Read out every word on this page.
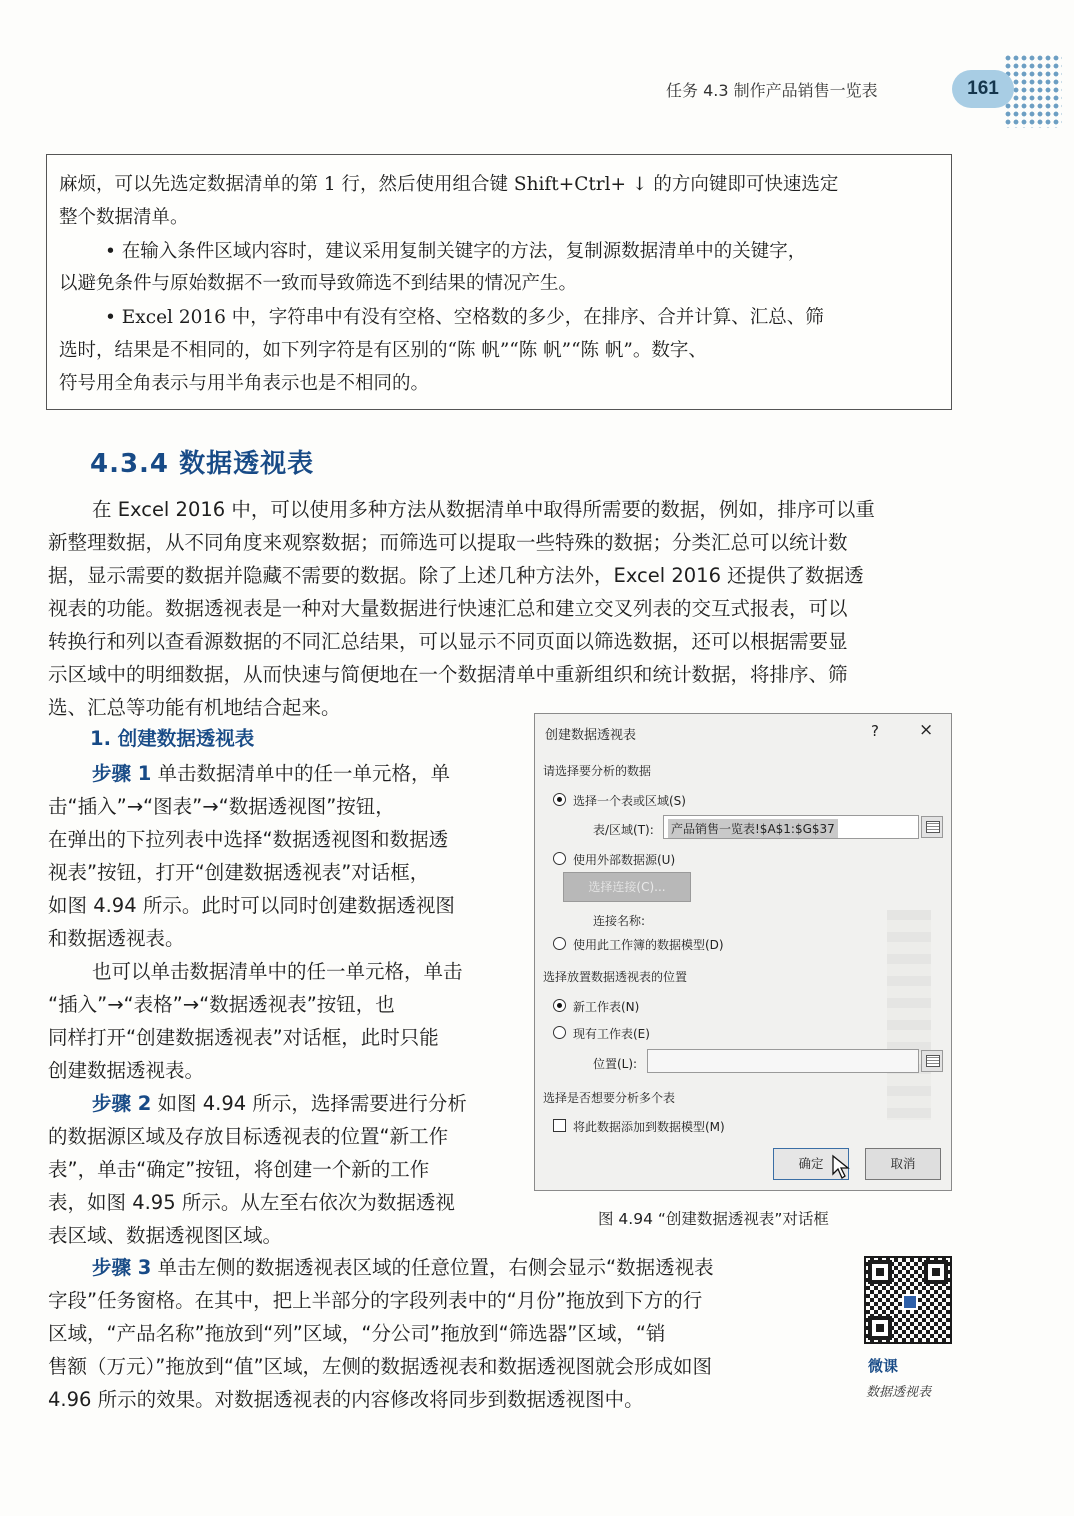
任务 4.3 制作产品销售一览表	161
麻烦，可以先选定数据清单的第 1 行，然后使用组合键 Shift+Ctrl+ ↓ 的方向键即可快速选定
整个数据清单。
• 在输入条件区域内容时，建议采用复制关键字的方法，复制源数据清单中的关键字，
以避免条件与原始数据不一致而导致筛选不到结果的情况产生。
• Excel 2016 中，字符串中有没有空格、空格数的多少，在排序、合并计算、汇总、筛
选时，结果是不相同的，如下列字符是有区别的“陈 帆”“陈 帆”“陈 帆”。数字、
符号用全角表示与用半角表示也是不相同的。
4.3.4 数据透视表
在 Excel 2016 中，可以使用多种方法从数据清单中取得所需要的数据，例如，排序可以重
新整理数据，从不同角度来观察数据；而筛选可以提取一些特殊的数据；分类汇总可以统计数
据，显示需要的数据并隐藏不需要的数据。除了上述几种方法外，Excel 2016 还提供了数据透
视表的功能。数据透视表是一种对大量数据进行快速汇总和建立交叉列表的交互式报表，可以
转换行和列以查看源数据的不同汇总结果，可以显示不同页面以筛选数据，还可以根据需要显
示区域中的明细数据，从而快速与简便地在一个数据清单中重新组织和统计数据，将排序、筛
选、汇总等功能有机地结合起来。
1. 创建数据透视表
步骤 1 单击数据清单中的任一单元格，单
击“插入”→“图表”→“数据透视图”按钮，
在弹出的下拉列表中选择“数据透视图和数据透
视表”按钮，打开“创建数据透视表”对话框，
如图 4.94 所示。此时可以同时创建数据透视图
和数据透视表。
也可以单击数据清单中的任一单元格，单击
“插入”→“表格”→“数据透视表”按钮，也
同样打开“创建数据透视表”对话框，此时只能
创建数据透视表。
步骤 2 如图 4.94 所示，选择需要进行分析
的数据源区域及存放目标透视表的位置“新工作
表”，单击“确定”按钮，将创建一个新的工作
表，如图 4.95 所示。从左至右依次为数据透视
表区域、数据透视图区域。
创建数据透视表	? ×
请选择要分析的数据
选择一个表或区域(S)
表/区域(T): 产品销售一览表!$A$1:$G$37
使用外部数据源(U)
选择连接(C)...
连接名称:
使用此工作簿的数据模型(D)
选择放置数据透视表的位置
新工作表(N)
现有工作表(E)
位置(L):
选择是否想要分析多个表
将此数据添加到数据模型(M)
确定	取消
图 4.94 “创建数据透视表”对话框
步骤 3 单击左侧的数据透视表区域的任意位置，右侧会显示“数据透视表
字段”任务窗格。在其中，把上半部分的字段列表中的“月份”拖放到下方的行
区域，“产品名称”拖放到“列”区域，“分公司”拖放到“筛选器”区域，“销
售额（万元）”拖放到“值”区域，左侧的数据透视表和数据透视图就会形成如图
4.96 所示的效果。对数据透视表的内容修改将同步到数据透视图中。
微课
数据透视表
